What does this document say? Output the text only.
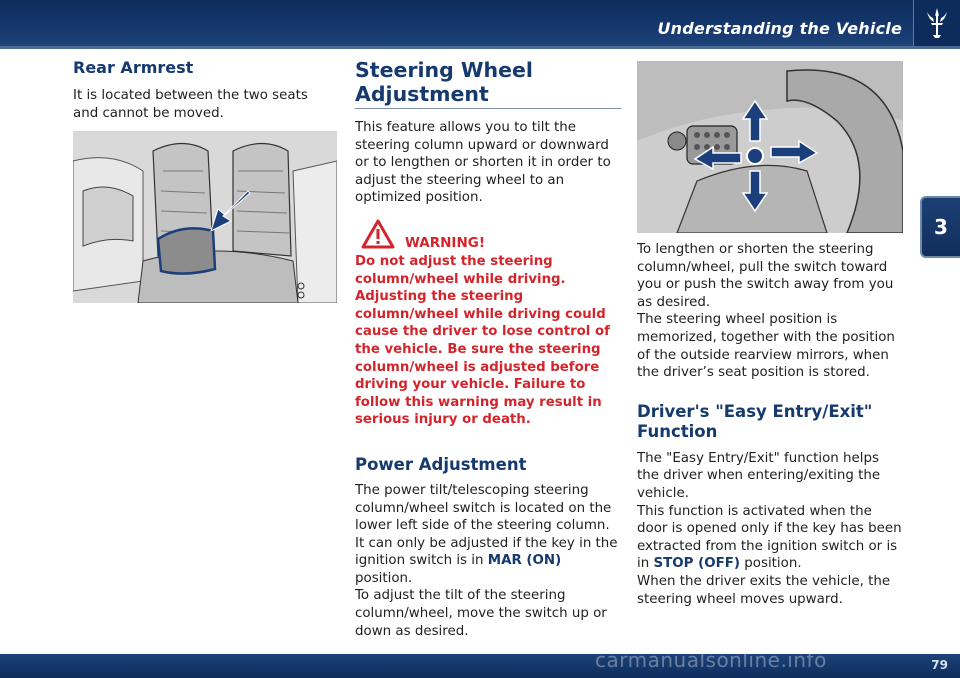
Understanding the Vehicle
3
Rear Armrest

It is located between the two seats and cannot be moved.

Steering Wheel
Adjustment

This feature allows you to tilt the steering column upward or downward or to lengthen or shorten it in order to adjust the steering wheel to an optimized position.

WARNING!

Do not adjust the steering column/wheel while driving. Adjusting the steering column/wheel while driving could cause the driver to lose control of the vehicle. Be sure the steering column/wheel is adjusted before driving your vehicle. Failure to follow this warning may result in serious injury or death.

Power Adjustment

The power tilt/telescoping steering column/wheel switch is located on the lower left side of the steering column. It can only be adjusted if the key in the ignition switch is in MAR (ON) position.

To adjust the tilt of the steering column/wheel, move the switch up or down as desired.

To lengthen or shorten the steering column/wheel, pull the switch toward you or push the switch away from you as desired.

The steering wheel position is memorized, together with the position of the outside rearview mirrors, when the driver’s seat position is stored.

Driver's "Easy Entry/Exit"
Function

The "Easy Entry/Exit" function helps the driver when entering/exiting the vehicle.

This function is activated when the door is opened only if the key has been extracted from the ignition switch or is in STOP (OFF) position.

When the driver exits the vehicle, the steering wheel moves upward.

carmanualsonline.info	79
